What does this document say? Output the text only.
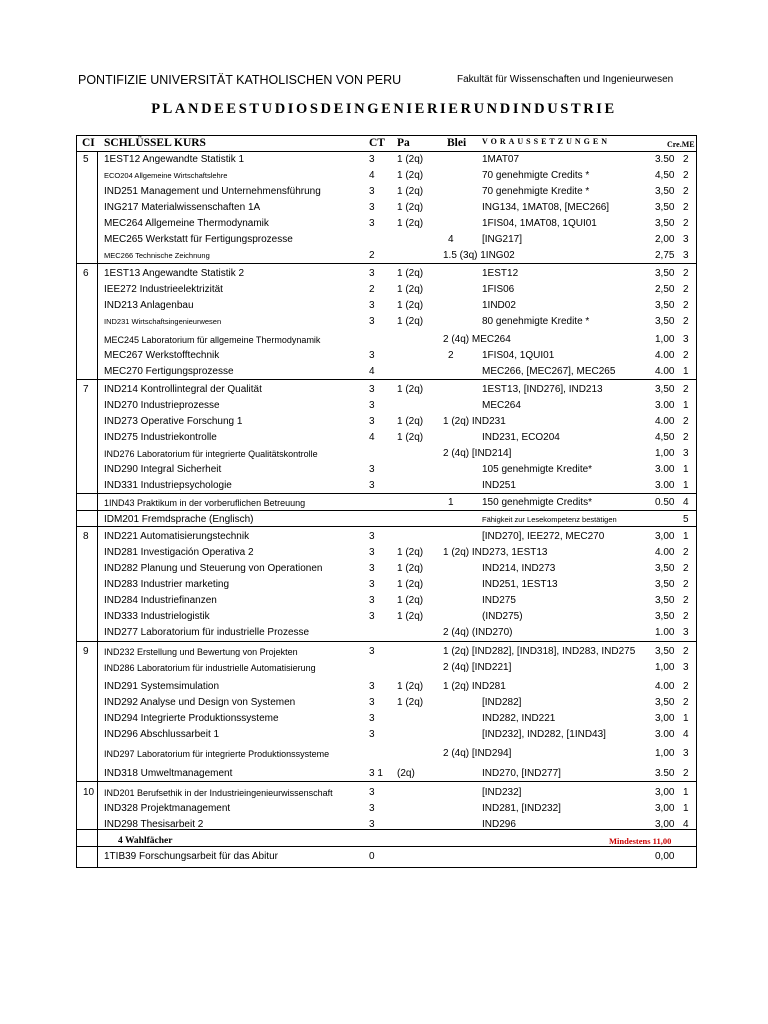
PONTIFIZIE UNIVERSITÄT KATHOLISCHEN VON PERU	Fakultät für Wissenschaften und Ingenieurwesen
PLANDEESTUDIOSDEINGENIERIERUNDINDUSTRIE
CI SCHLÜSSEL KURS	CT Pa	Blei VORAUSSETZUNGEN	Cre.ME
5 1EST12 Angewandte Statistik 1	3 1 (2q)	1MAT07	3.50 2
ECO204 Allgemeine Wirtschaftslehre	4 1 (2q)	70 genehmigte Credits *	4,50 2
IND251 Management und Unternehmensführung	3 1 (2q)	70 genehmigte Kredite *	3,50 2
ING217 Materialwissenschaften 1A	3 1 (2q)	ING134, 1MAT08, [MEC266]	3,50 2
MEC264 Allgemeine Thermodynamik	3 1 (2q)	1FIS04, 1MAT08, 1QUI01	3,50 2
MEC265 Werkstatt für Fertigungsprozesse	4	[ING217]	2,00 3
MEC266 Technische Zeichnung	2	1.5 (3q) 1ING02	2,75 3
6 1EST13 Angewandte Statistik 2	3 1 (2q)	1EST12	3,50 2
IEE272 Industrieelektrizität	2 1 (2q)	1FIS06	2,50 2
IND213 Anlagenbau	3 1 (2q)	1IND02	3,50 2
IND231 Wirtschaftsingenieurwesen	3 1 (2q)	80 genehmigte Kredite *	3,50 2
MEC245 Laboratorium für allgemeine Thermodynamik	2 (4q) MEC264	1,00 3
MEC267 Werkstofftechnik	3	2	1FIS04, 1QUI01	4.00 2
MEC270 Fertigungsprozesse	4	MEC266, [MEC267], MEC265	4.00 1
7 IND214 Kontrollintegral der Qualität	3 1 (2q)	1EST13, [IND276], IND213	3,50 2
IND270 Industrieprozesse	3	MEC264	3.00 1
IND273 Operative Forschung 1	3 1 (2q) 1 (2q) IND231	4.00 2
IND275 Industriekontrolle	4 1 (2q)	IND231, ECO204	4,50 2
IND276 Laboratorium für integrierte Qualitätskontrolle	2 (4q) [IND214]	1,00 3
IND290 Integral Sicherheit	3	105 genehmigte Kredite*	3.00 1
IND331 Industriepsychologie	3	IND251	3.00 1
1IND43 Praktikum in der vorberuflichen Betreuung	1	150 genehmigte Credits*	0.50 4
IDM201 Fremdsprache (Englisch)	Fähigkeit zur Lesekompetenz bestätigen	5
8 IND221 Automatisierungstechnik	3	[IND270], IEE272, MEC270	3,00 1
IND281 Investigación Operativa 2	3 1 (2q) 1 (2q) IND273, 1EST13	4.00 2
IND282 Planung und Steuerung von Operationen	3 1 (2q)	IND214, IND273	3,50 2
IND283 Industrier marketing	3 1 (2q)	IND251, 1EST13	3,50 2
IND284 Industriefinanzen	3 1 (2q)	IND275	3,50 2
IND333 Industrielogistik	3 1 (2q)	(IND275)	3,50 2
IND277 Laboratorium für industrielle Prozesse	2 (4q) (IND270)	1.00 3
9 IND232 Erstellung und Bewertung von Projekten	3	1 (2q) [IND282], [IND318], IND283, IND275 3,50 2
IND286 Laboratorium für industrielle Automatisierung	2 (4q) [IND221]	1,00 3
IND291 Systemsimulation	3 1 (2q) 1 (2q) IND281	4.00 2
IND292 Analyse und Design von Systemen	3 1 (2q)	[IND282]	3,50 2
IND294 Integrierte Produktionssysteme	3	IND282, IND221	3,00 1
IND296 Abschlussarbeit 1	3	[IND232], IND282, [1IND43]	3.00 4
IND297 Laboratorium für integrierte Produktionssysteme	2 (4q) [IND294]	1,00 3
IND318 Umweltmanagement	3 1 (2q)	IND270, [IND277]	3.50 2
10 IND201 Berufsethik in der Industrieingenieurwissenschaft	3	[IND232]	3,00 1
IND328 Projektmanagement	3	IND281, [IND232]	3,00 1
IND298 Thesisarbeit 2	3	IND296	3,00 4
4 Wahlfächer	Mindestens 11,00
1TIB39 Forschungsarbeit für das Abitur	0	0,00
